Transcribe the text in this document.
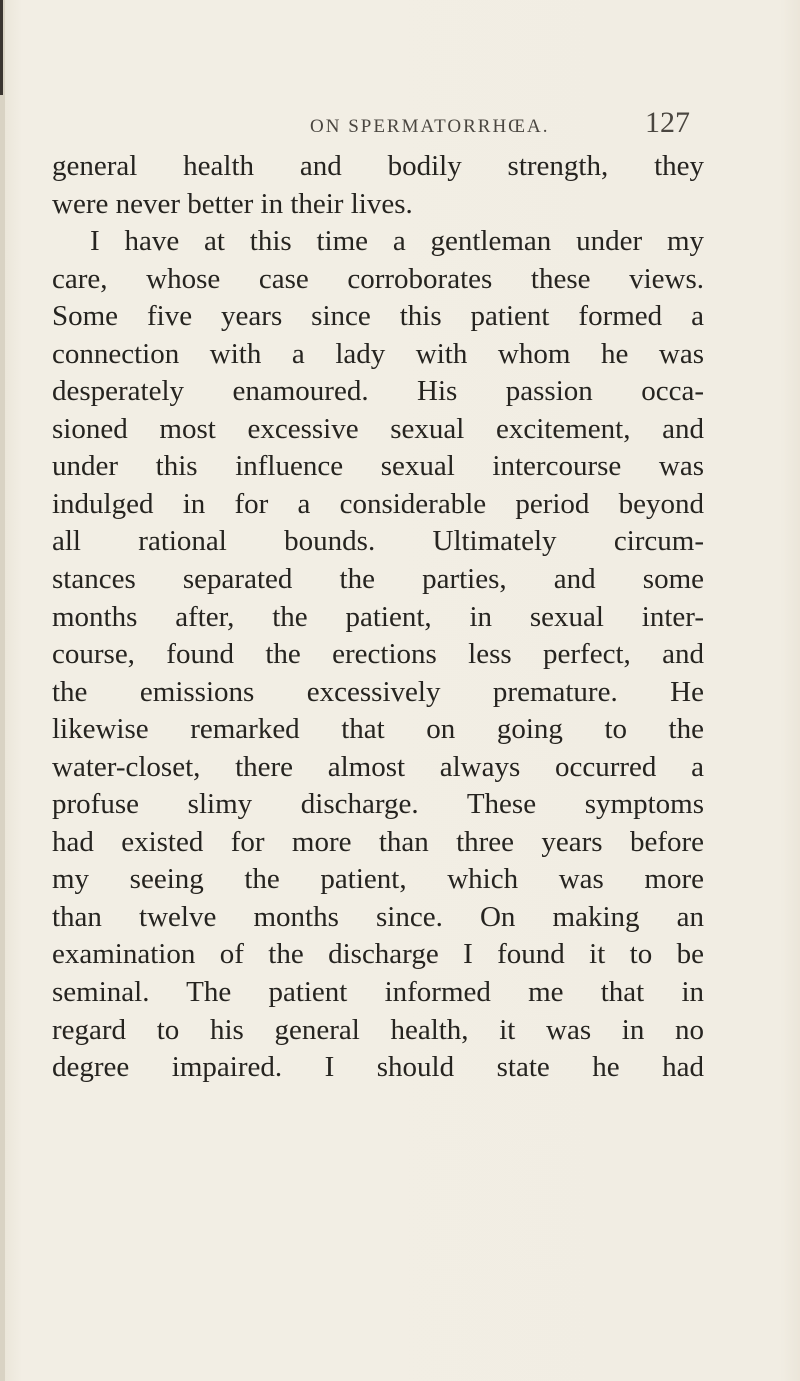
ON SPERMATORRHŒA.	127
general health and bodily strength, they
were never better in their lives.
I have at this time a gentleman under my
care, whose case corroborates these views.
Some five years since this patient formed a
connection with a lady with whom he was
desperately enamoured. His passion occa-
sioned most excessive sexual excitement, and
under this influence sexual intercourse was
indulged in for a considerable period beyond
all rational bounds. Ultimately circum-
stances separated the parties, and some
months after, the patient, in sexual inter-
course, found the erections less perfect, and
the emissions excessively premature. He
likewise remarked that on going to the
water-closet, there almost always occurred a
profuse slimy discharge. These symptoms
had existed for more than three years before
my seeing the patient, which was more
than twelve months since. On making an
examination of the discharge I found it to be
seminal. The patient informed me that in
regard to his general health, it was in no
degree impaired. I should state he had
